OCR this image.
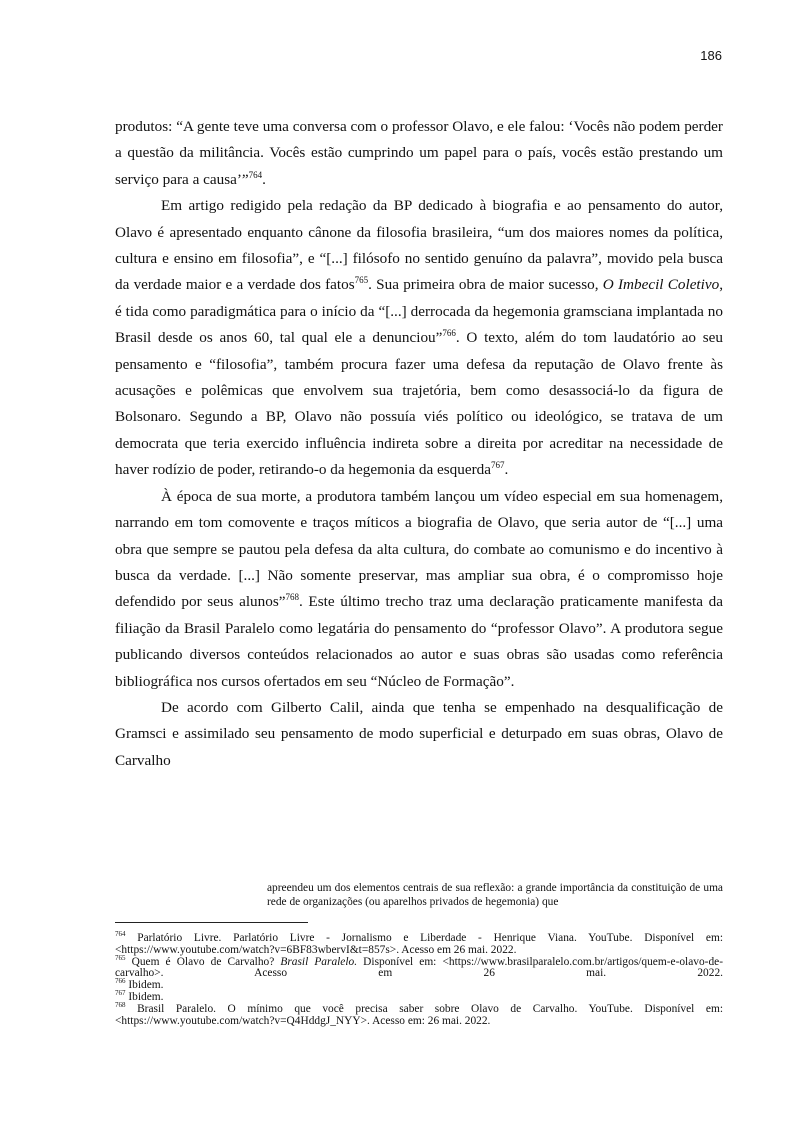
186

produtos: “A gente teve uma conversa com o professor Olavo, e ele falou: ‘Vocês não podem perder a questão da militância. Vocês estão cumprindo um papel para o país, vocês estão prestando um serviço para a causa’”$^{764}$.

Em artigo redigido pela redação da BP dedicado à biografia e ao pensamento do autor, Olavo é apresentado enquanto cânone da filosofia brasileira, “um dos maiores nomes da política, cultura e ensino em filosofia”, e “[...] filósofo no sentido genuíno da palavra”, movido pela busca da verdade maior e a verdade dos fatos$^{765}$. Sua primeira obra de maior sucesso, O Imbecil Coletivo, é tida como paradigmática para o início da “[...] derrocada da hegemonia gramsciana implantada no Brasil desde os anos 60, tal qual ele a denunciou”$^{766}$. O texto, além do tom laudatório ao seu pensamento e “filosofia”, também procura fazer uma defesa da reputação de Olavo frente às acusações e polêmicas que envolvem sua trajetória, bem como desassociá-lo da figura de Bolsonaro. Segundo a BP, Olavo não possuía viés político ou ideológico, se tratava de um democrata que teria exercido influência indireta sobre a direita por acreditar na necessidade de haver rodízio de poder, retirando-o da hegemonia da esquerda$^{767}$.

À época de sua morte, a produtora também lançou um vídeo especial em sua homenagem, narrando em tom comovente e traços míticos a biografia de Olavo, que seria autor de “[...] uma obra que sempre se pautou pela defesa da alta cultura, do combate ao comunismo e do incentivo à busca da verdade. [...] Não somente preservar, mas ampliar sua obra, é o compromisso hoje defendido por seus alunos”$^{768}$. Este último trecho traz uma declaração praticamente manifesta da filiação da Brasil Paralelo como legatária do pensamento do “professor Olavo”. A produtora segue publicando diversos conteúdos relacionados ao autor e suas obras são usadas como referência bibliográfica nos cursos ofertados em seu “Núcleo de Formação”.

De acordo com Gilberto Calil, ainda que tenha se empenhado na desqualificação de Gramsci e assimilado seu pensamento de modo superficial e deturpado em suas obras, Olavo de Carvalho

apreendeu um dos elementos centrais de sua reflexão: a grande importância da constituição de uma rede de organizações (ou aparelhos privados de hegemonia) que

$^{764}$ Parlatório Livre. Parlatório Livre - Jornalismo e Liberdade - Henrique Viana. YouTube. Disponível em: <https://www.youtube.com/watch?v=6BF83wbervI&t=857s>. Acesso em 26 mai. 2022.

$^{765}$ Quem é Olavo de Carvalho? Brasil Paralelo. Disponível em: <https://www.brasilparalelo.com.br/artigos/quem-e-olavo-de-carvalho>. Acesso em 26 mai. 2022.

$^{766}$ Ibidem.

$^{767}$ Ibidem.

$^{768}$ Brasil Paralelo. O mínimo que você precisa saber sobre Olavo de Carvalho. YouTube. Disponível em: <https://www.youtube.com/watch?v=Q4HddgJ_NYY>. Acesso em: 26 mai. 2022.
